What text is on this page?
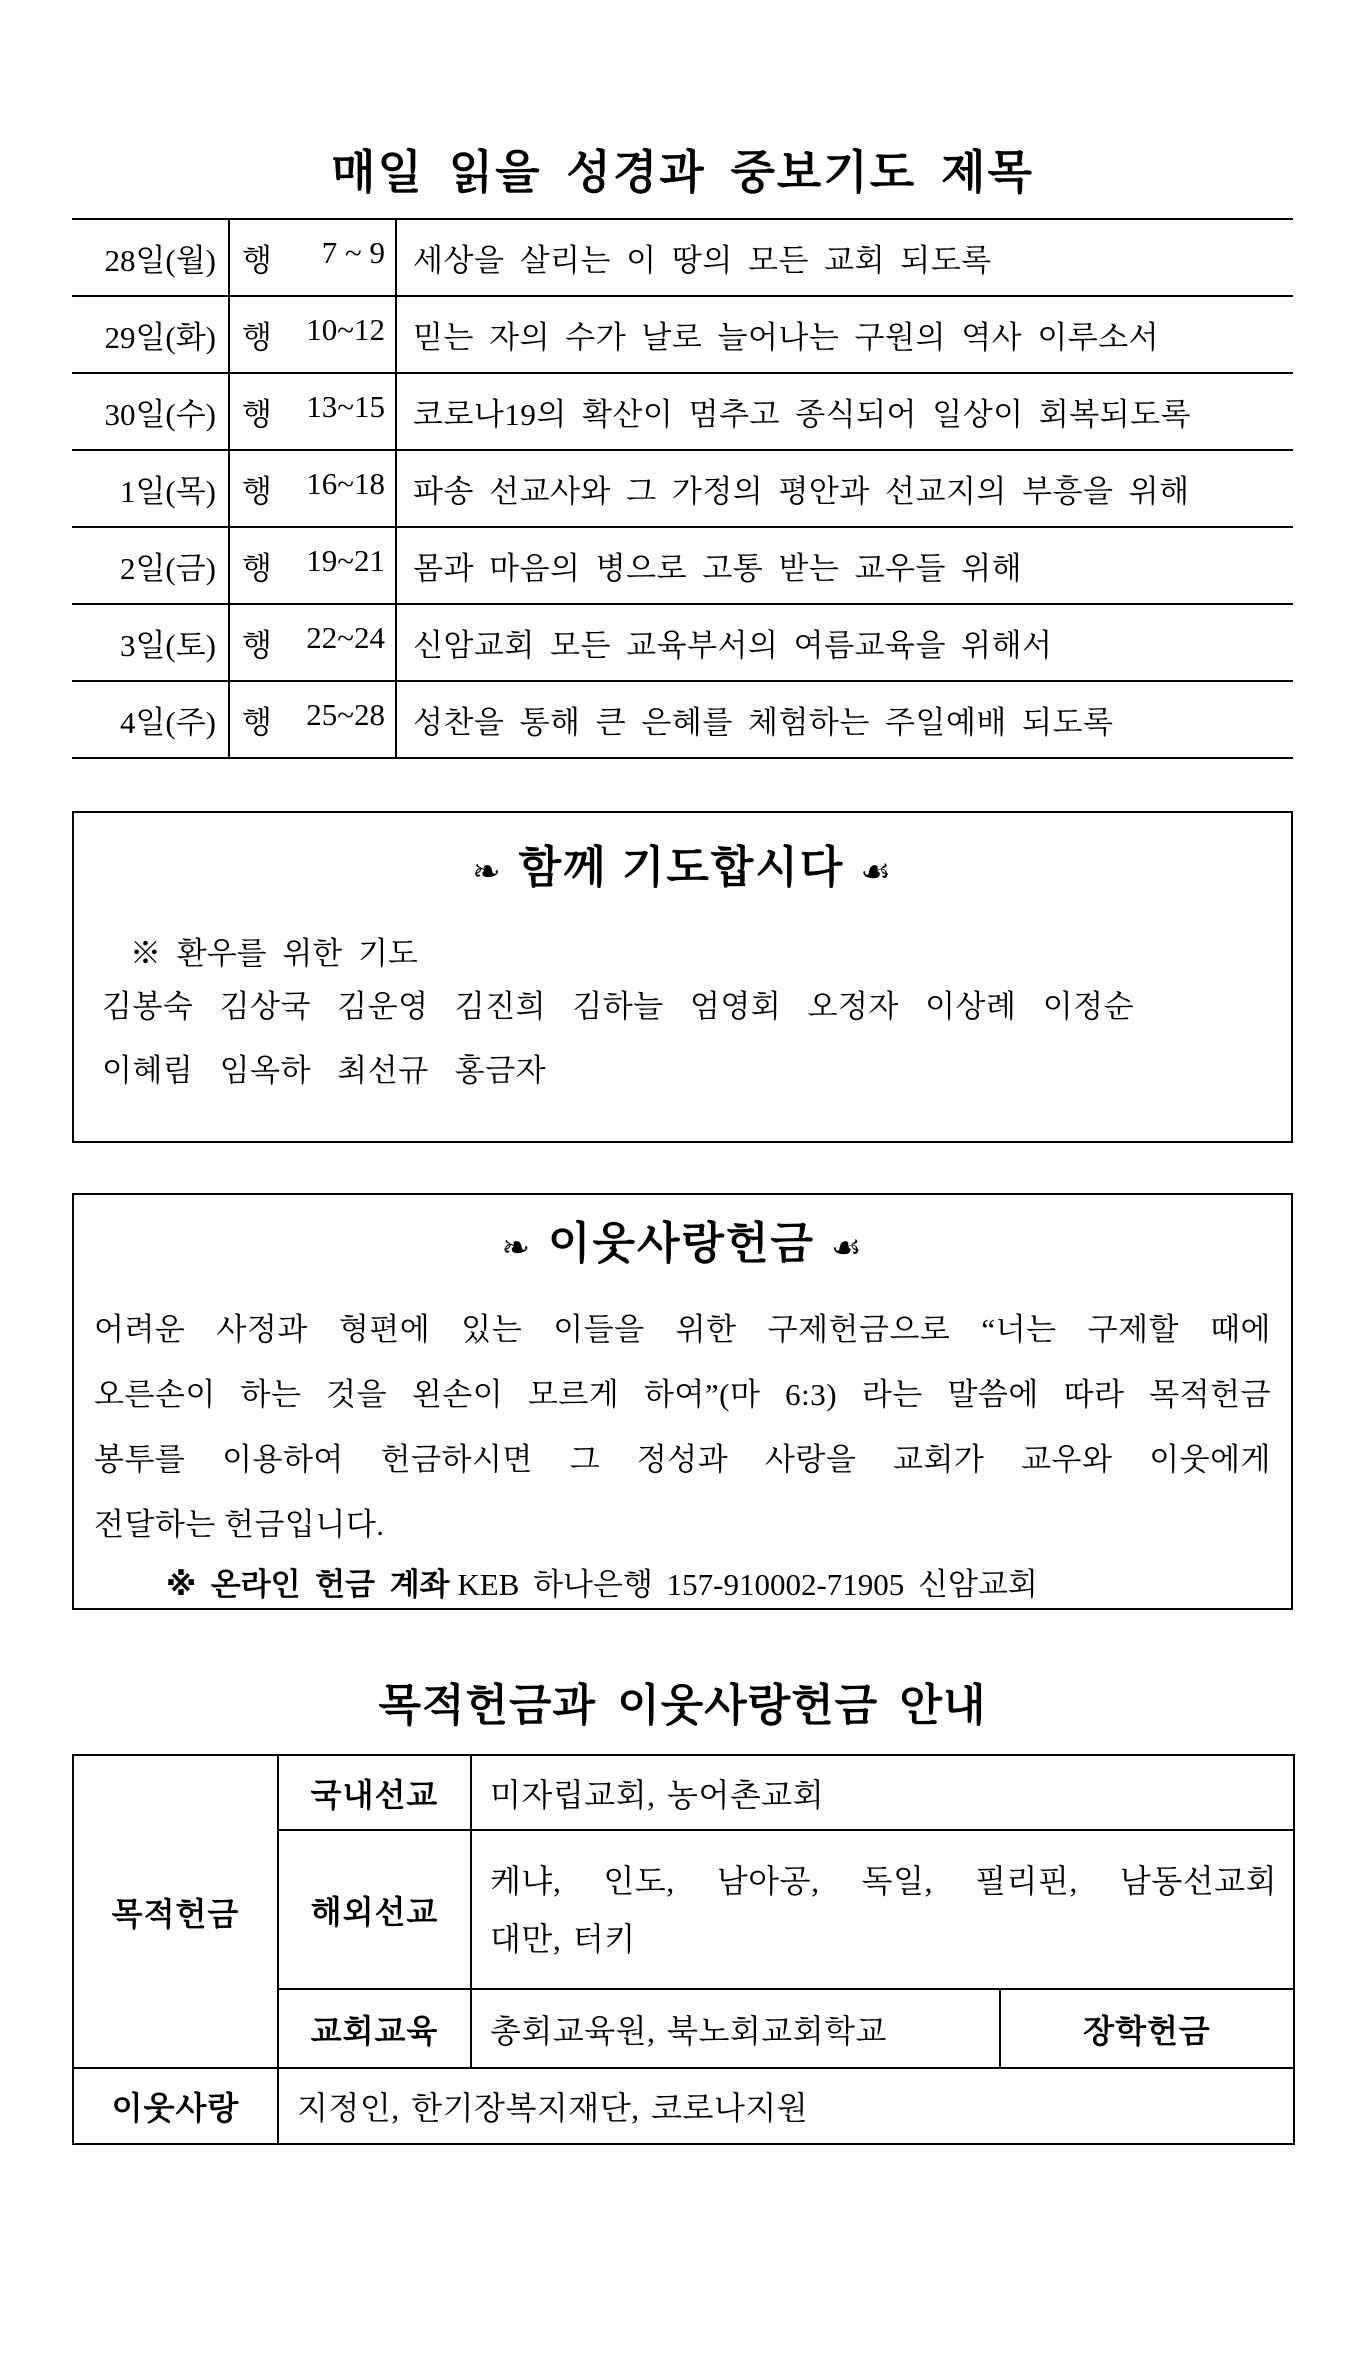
매일 읽을 성경과 중보기도 제목
28일(월)	행 7 ~ 9	세상을 살리는 이 땅의 모든 교회 되도록
29일(화)	행 10~12	믿는 자의 수가 날로 늘어나는 구원의 역사 이루소서
30일(수)	행 13~15	코로나19의 확산이 멈추고 종식되어 일상이 회복되도록
1일(목)	행 16~18	파송 선교사와 그 가정의 평안과 선교지의 부흥을 위해
2일(금)	행 19~21	몸과 마음의 병으로 고통 받는 교우들 위해
3일(토)	행 22~24	신암교회 모든 교육부서의 여름교육을 위해서
4일(주)	행 25~28	성찬을 통해 큰 은혜를 체험하는 주일예배 되도록
❧ 함께 기도합시다 ☙
※ 환우를 위한 기도
김봉숙 김상국 김운영 김진희 김하늘 엄영회 오정자 이상례 이정순
이혜림 임옥하 최선규 홍금자
❧ 이웃사랑헌금 ☙
어려운 사정과 형편에 있는 이들을 위한 구제헌금으로 “너는 구제할 때에
오른손이 하는 것을 왼손이 모르게 하여”(마 6:3) 라는 말씀에 따라 목적헌금
봉투를 이용하여 헌금하시면 그 정성과 사랑을 교회가 교우와 이웃에게
전달하는 헌금입니다.
※ 온라인 헌금 계좌 KEB 하나은행 157-910002-71905 신암교회
목적헌금과 이웃사랑헌금 안내
목적헌금	국내선교	미자립교회, 농어촌교회	
	해외선교	케냐, 인도, 남아공, 독일, 필리핀, 남동선교회
대만, 터키	

	교회교육	총회교육원, 북노회교회학교	장학헌금
이웃사랑	지정인, 한기장복지재단, 코로나지원		
